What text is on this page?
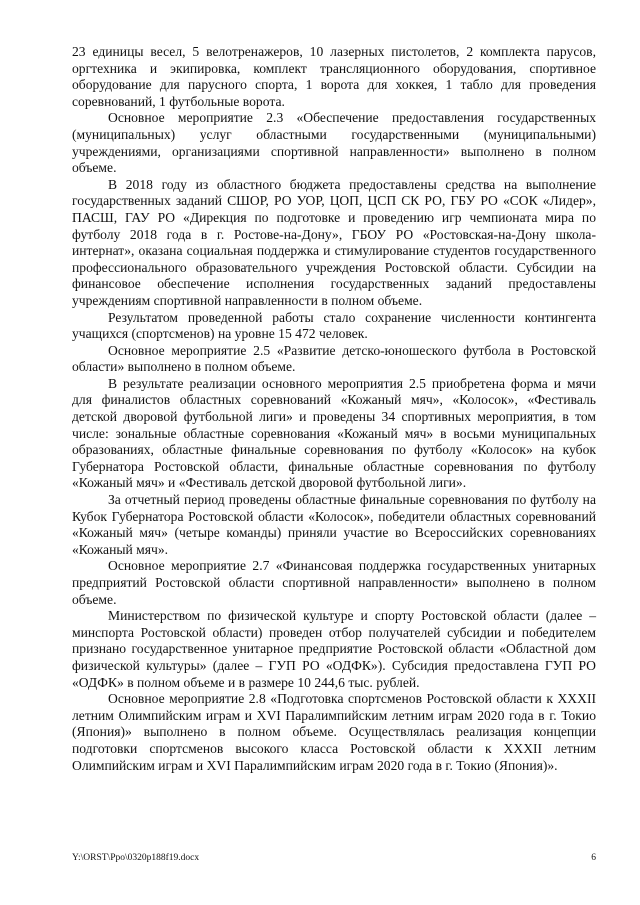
23 единицы весел, 5 велотренажеров, 10 лазерных пистолетов, 2 комплекта парусов, оргтехника и экипировка, комплект трансляционного оборудования, спортивное оборудование для парусного спорта, 1 ворота для хоккея, 1 табло для проведения соревнований, 1 футбольные ворота.

Основное мероприятие 2.3 «Обеспечение предоставления государственных (муниципальных) услуг областными государственными (муниципальными) учреждениями, организациями спортивной направленности» выполнено в полном объеме.

В 2018 году из областного бюджета предоставлены средства на выполнение государственных заданий СШОР, РО УОР, ЦОП, ЦСП СК РО, ГБУ РО «СОК «Лидер», ПАСШ, ГАУ РО «Дирекция по подготовке и проведению игр чемпионата мира по футболу 2018 года в г. Ростове-на-Дону», ГБОУ РО «Ростовская-на-Дону школа-интернат», оказана социальная поддержка и стимулирование студентов государственного профессионального образовательного учреждения Ростовской области. Субсидии на финансовое обеспечение исполнения государственных заданий предоставлены учреждениям спортивной направленности в полном объеме.

Результатом проведенной работы стало сохранение численности контингента учащихся (спортсменов) на уровне 15 472 человек.

Основное мероприятие 2.5 «Развитие детско-юношеского футбола в Ростовской области» выполнено в полном объеме.

В результате реализации основного мероприятия 2.5 приобретена форма и мячи для финалистов областных соревнований «Кожаный мяч», «Колосок», «Фестиваль детской дворовой футбольной лиги» и проведены 34 спортивных мероприятия, в том числе: зональные областные соревнования «Кожаный мяч» в восьми муниципальных образованиях, областные финальные соревнования по футболу «Колосок» на кубок Губернатора Ростовской области, финальные областные соревнования по футболу «Кожаный мяч» и «Фестиваль детской дворовой футбольной лиги».

За отчетный период проведены областные финальные соревнования по футболу на Кубок Губернатора Ростовской области «Колосок», победители областных соревнований «Кожаный мяч» (четыре команды) приняли участие во Всероссийских соревнованиях «Кожаный мяч».

Основное мероприятие 2.7 «Финансовая поддержка государственных унитарных предприятий Ростовской области спортивной направленности» выполнено в полном объеме.

Министерством по физической культуре и спорту Ростовской области (далее – минспорта Ростовской области) проведен отбор получателей субсидии и победителем признано государственное унитарное предприятие Ростовской области «Областной дом физической культуры» (далее – ГУП РО «ОДФК»). Субсидия предоставлена ГУП РО «ОДФК» в полном объеме и в размере 10 244,6 тыс. рублей.

Основное мероприятие 2.8 «Подготовка спортсменов Ростовской области к XXXII летним Олимпийским играм и XVI Паралимпийским летним играм 2020 года в г. Токио (Япония)» выполнено в полном объеме. Осуществлялась реализация концепции подготовки спортсменов высокого класса Ростовской области к XXXII летним Олимпийским играм и XVI Паралимпийским играм 2020 года в г. Токио (Япония)».

Y:\ORST\Ppo\0320p188f19.docx	6
